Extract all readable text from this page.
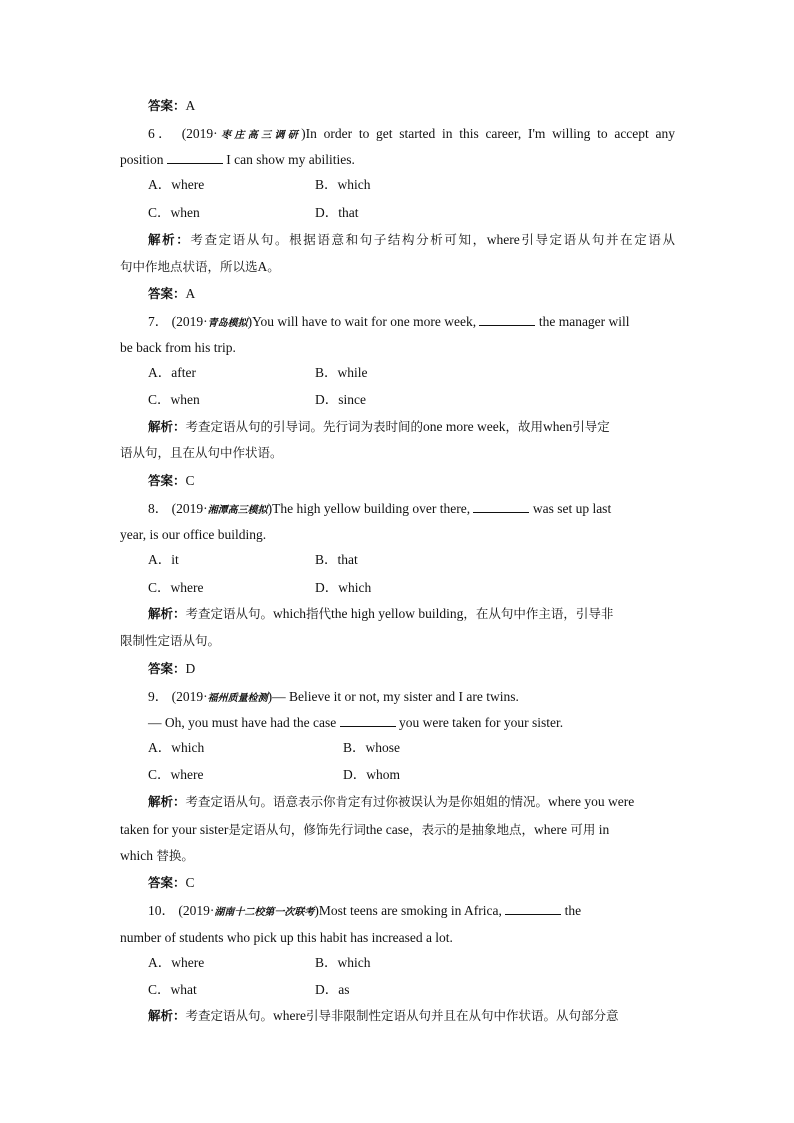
答案：A
6． (2019·枣庄高三调研)In order to get started in this career, I'm willing to accept any
position	I can show my abilities.
A．where	B．which
C．when	D．that
解析：考查定语从句。根据语意和句子结构分析可知，where引导定语从句并在定语从
句中作地点状语，所以选A。
答案：A
7． (2019·青岛模拟)You will have to wait for one more week,	the manager will
be back from his trip.
A．after	B．while
C．when	D．since
解析：考查定语从句的引导词。先行词为表时间的one more week，故用when引导定
语从句，且在从句中作状语。
答案：C
8． (2019·湘潭高三模拟)The high yellow building over there,	was set up last
year, is our office building.
A．it	B．that
C．where	D．which
解析：考查定语从句。which指代the high yellow building，在从句中作主语，引导非
限制性定语从句。
答案：D
9． (2019·福州质量检测)— Believe it or not, my sister and I are twins.
— Oh, you must have had the case	you were taken for your sister.
A．which	B．whose
C．where	D．whom
解析：考查定语从句。语意表示你肯定有过你被误认为是你姐姐的情况。where you were
taken for your sister是定语从句，修饰先行词the case，表示的是抽象地点，where 可用 in
which 替换。
答案：C
10． (2019·湖南十二校第一次联考)Most teens are smoking in Africa,	the
number of students who pick up this habit has increased a lot.
A．where	B．which
C．what	D．as
解析：考查定语从句。where引导非限制性定语从句并且在从句中作状语。从句部分意
